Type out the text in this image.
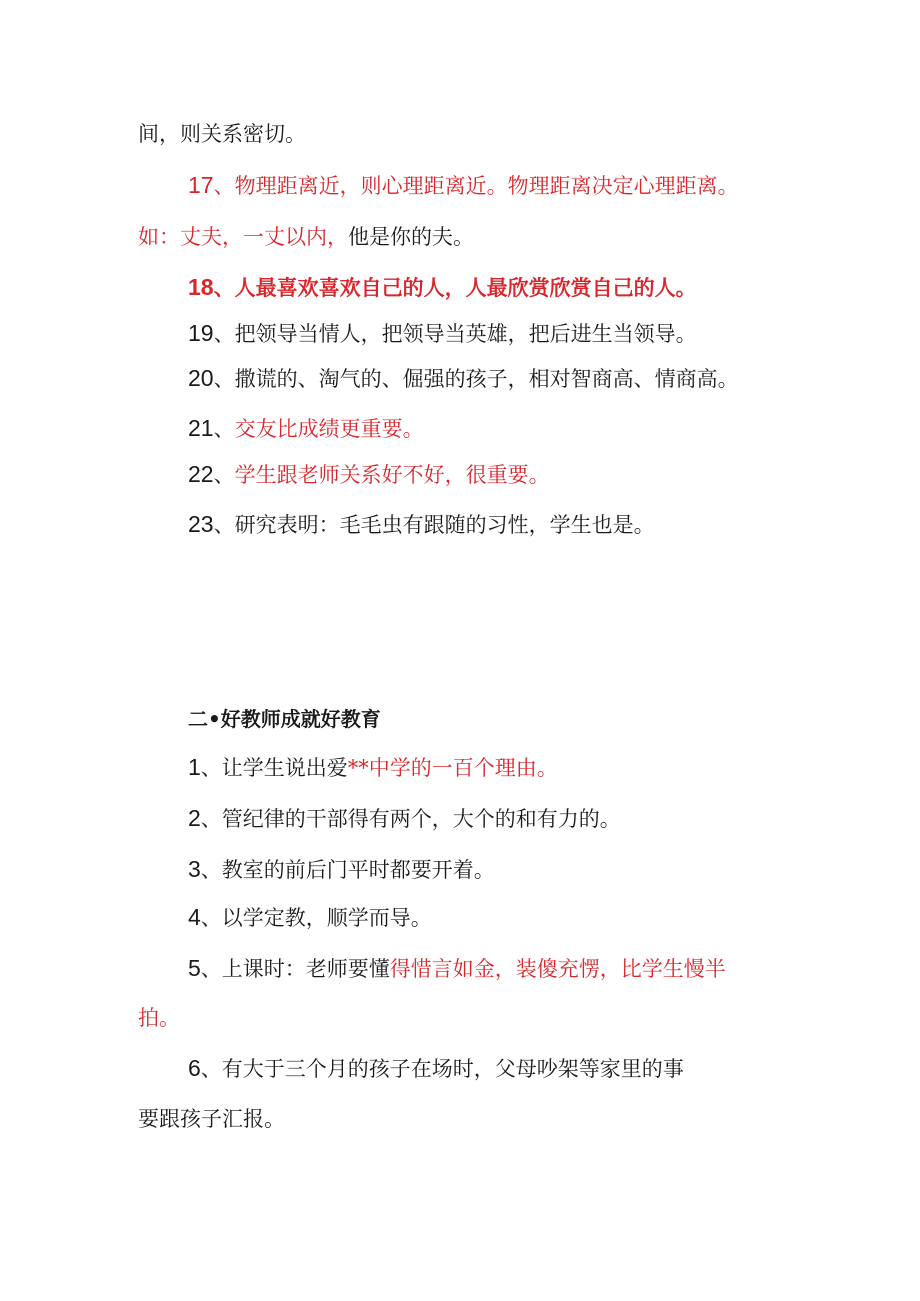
间，则关系密切。
17、物理距离近，则心理距离近。物理距离决定心理距离。
如：丈夫，一丈以内，他是你的夫。
18、人最喜欢喜欢自己的人，人最欣赏欣赏自己的人。
19、把领导当情人，把领导当英雄，把后进生当领导。
20、撒谎的、淘气的、倔强的孩子，相对智商高、情商高。
21、交友比成绩更重要。
22、学生跟老师关系好不好，很重要。
23、研究表明：毛毛虫有跟随的习性，学生也是。
二•好教师成就好教育
1、让学生说出爱**中学的一百个理由。
2、管纪律的干部得有两个，大个的和有力的。
3、教室的前后门平时都要开着。
4、以学定教，顺学而导。
5、上课时：老师要懂得惜言如金，装傻充愣，比学生慢半
拍。
6、有大于三个月的孩子在场时，父母吵架等家里的事
要跟孩子汇报。
